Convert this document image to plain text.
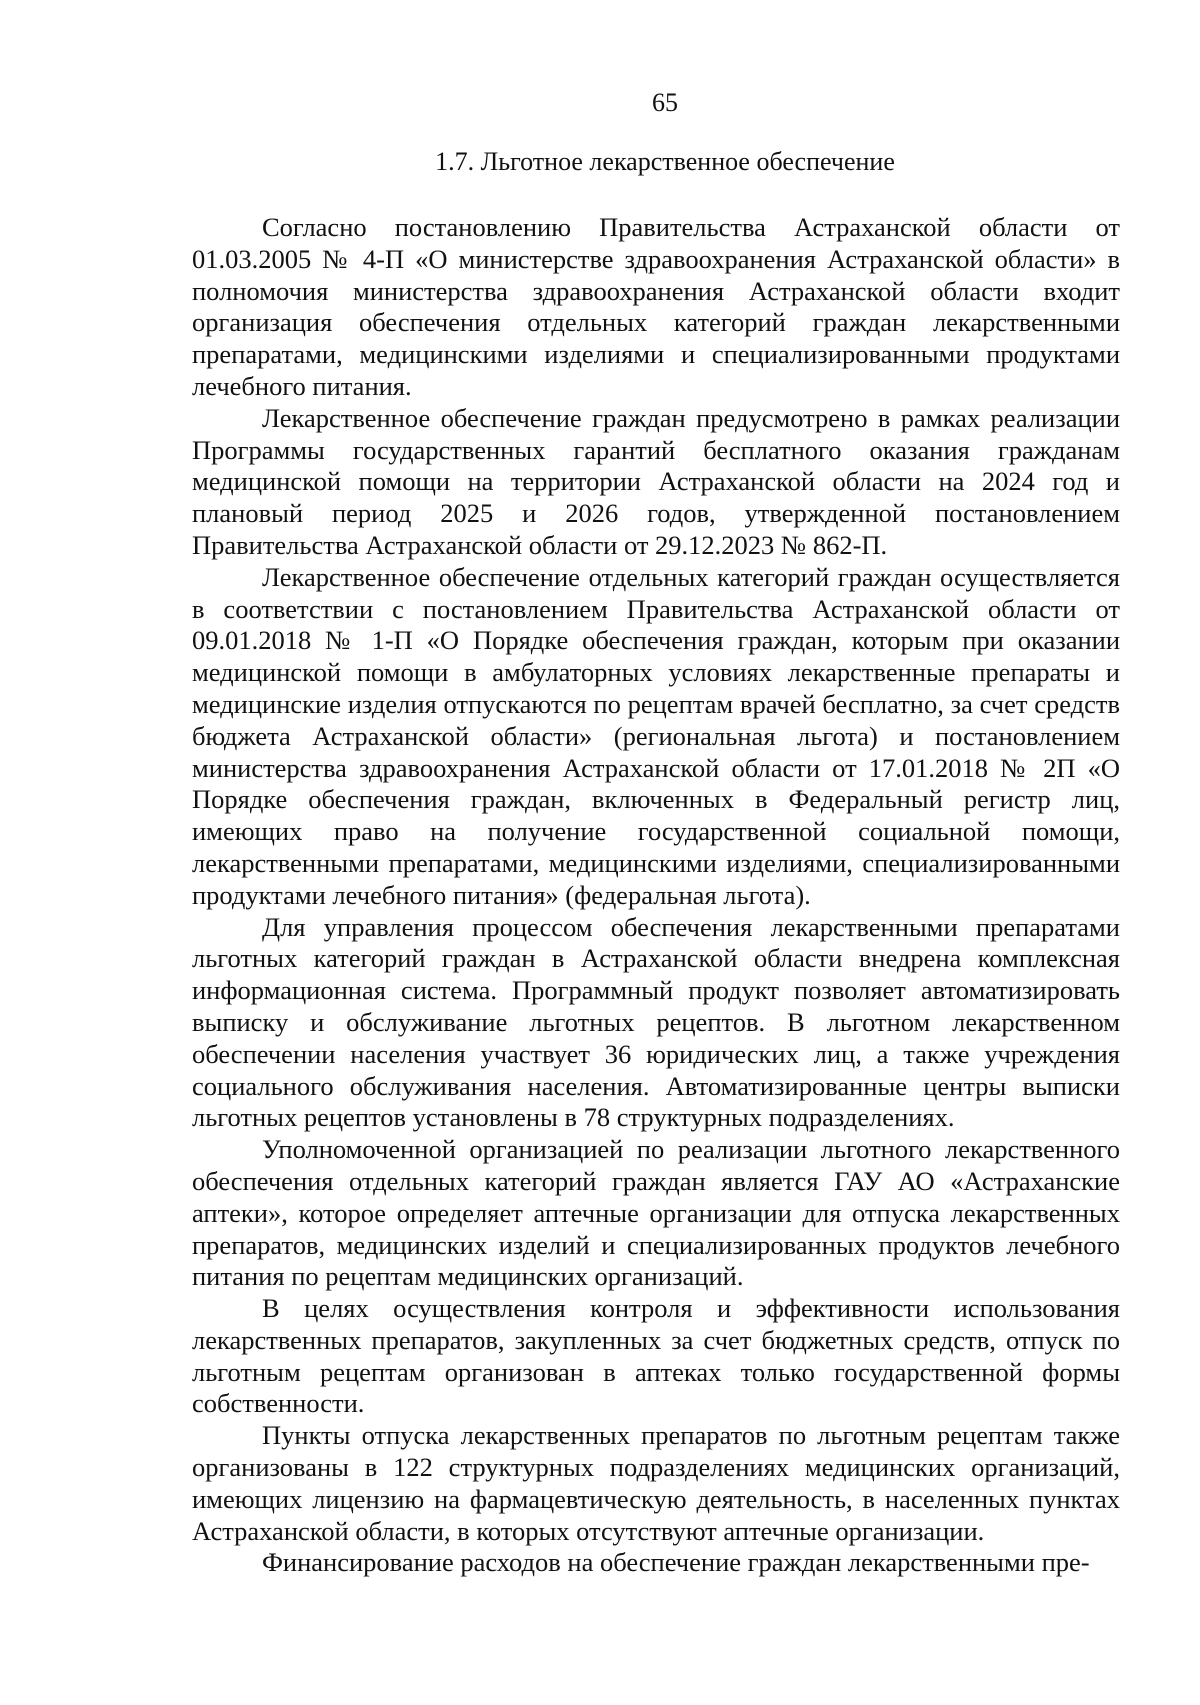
65

1.7. Льготное лекарственное обеспечение

Согласно постановлению Правительства Астраханской области от 01.03.2005 № 4-П «О министерстве здравоохранения Астраханской области» в полномочия министерства здравоохранения Астраханской области входит организация обеспечения отдельных категорий граждан лекарственными препаратами, медицинскими изделиями и специализированными продуктами лечебного питания.

Лекарственное обеспечение граждан предусмотрено в рамках реализации Программы государственных гарантий бесплатного оказания гражданам медицинской помощи на территории Астраханской области на 2024 год и плановый период 2025 и 2026 годов, утвержденной постановлением Правительства Астраханской области от 29.12.2023 № 862-П.

Лекарственное обеспечение отдельных категорий граждан осуществляется в соответствии с постановлением Правительства Астраханской области от 09.01.2018 № 1-П «О Порядке обеспечения граждан, которым при оказании медицинской помощи в амбулаторных условиях лекарственные препараты и медицинские изделия отпускаются по рецептам врачей бесплатно, за счет средств бюджета Астраханской области» (региональная льгота) и постановлением министерства здравоохранения Астраханской области от 17.01.2018 № 2П «О Порядке обеспечения граждан, включенных в Федеральный регистр лиц, имеющих право на получение государственной социальной помощи, лекарственными препаратами, медицинскими изделиями, специализированными продуктами лечебного питания» (федеральная льгота).

Для управления процессом обеспечения лекарственными препаратами льготных категорий граждан в Астраханской области внедрена комплексная информационная система. Программный продукт позволяет автоматизировать выписку и обслуживание льготных рецептов. В льготном лекарственном обеспечении населения участвует 36 юридических лиц, а также учреждения социального обслуживания населения. Автоматизированные центры выписки льготных рецептов установлены в 78 структурных подразделениях.

Уполномоченной организацией по реализации льготного лекарственного обеспечения отдельных категорий граждан является ГАУ АО «Астраханские аптеки», которое определяет аптечные организации для отпуска лекарственных препаратов, медицинских изделий и специализированных продуктов лечебного питания по рецептам медицинских организаций.

В целях осуществления контроля и эффективности использования лекарственных препаратов, закупленных за счет бюджетных средств, отпуск по льготным рецептам организован в аптеках только государственной формы собственности.

Пункты отпуска лекарственных препаратов по льготным рецептам также организованы в 122 структурных подразделениях медицинских организаций, имеющих лицензию на фармацевтическую деятельность, в населенных пунктах Астраханской области, в которых отсутствуют аптечные организации.

Финансирование расходов на обеспечение граждан лекарственными пре-
